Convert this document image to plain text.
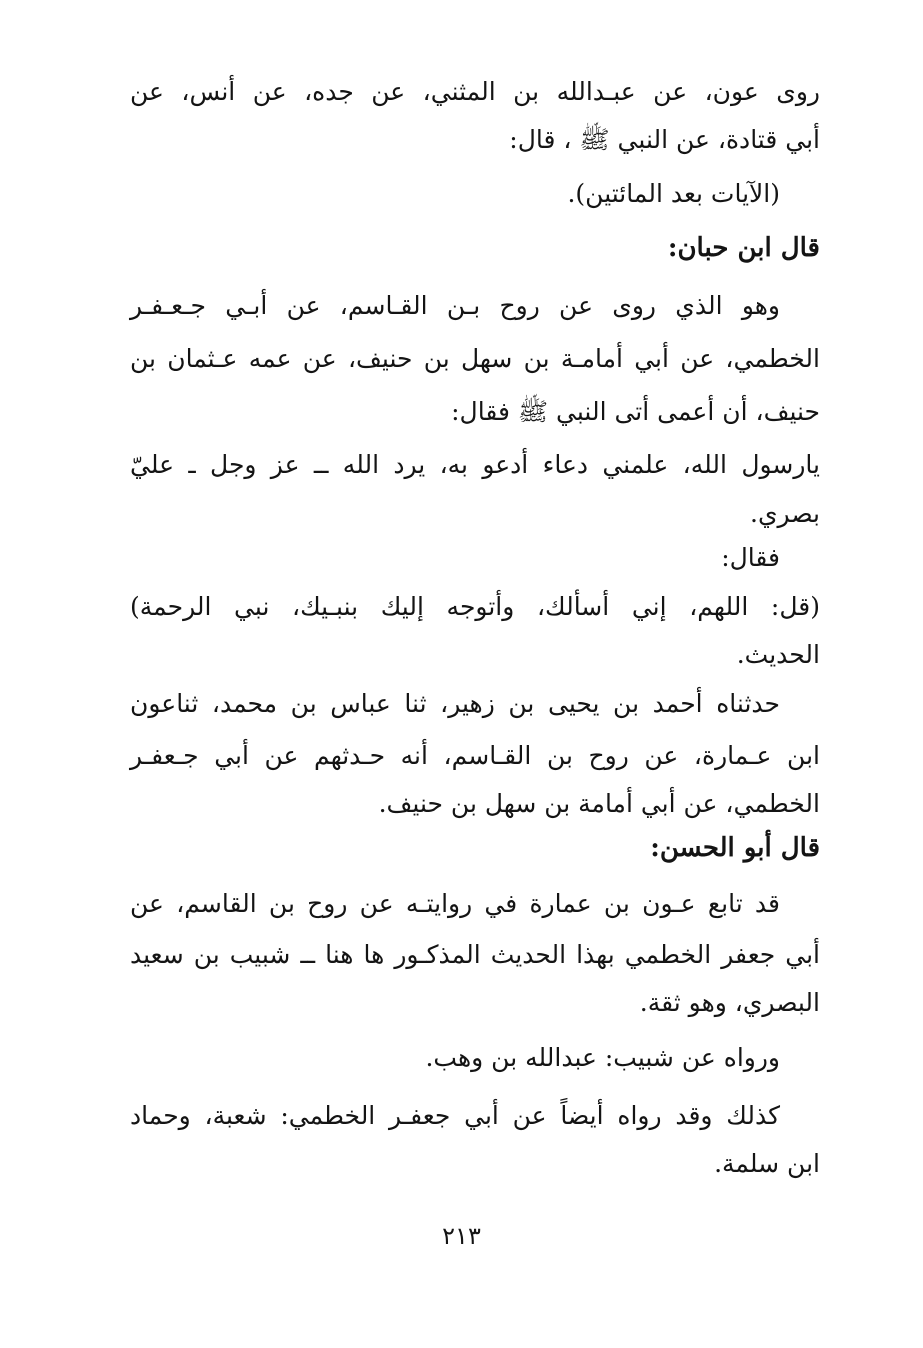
روى عون، عن عبـدالله بن المثني، عن جده، عن أنس، عن
أبي قتادة، عن النبي ﷺ ، قال:
(الآيات بعد المائتين).
قال ابن حبان:
وهو الذي روى عن روح بـن القـاسم، عن أبـي جـعـفـر
الخطمي، عن أبي أمامـة بن سهل بن حنيف، عن عمه عـثمان بن
حنيف، أن أعمى أتى النبي ﷺ فقال:
يارسول الله، علمني دعاء أدعو به، يرد الله ــ عز وجل ـ عليّ
بصري.
فقال:
(قل: اللهم، إني أسألك، وأتوجه إليك بنبـيك، نبي الرحمة)
الحديث.
حدثناه أحمد بن يحيى بن زهير، ثنا عباس بن محمد، ثناعون
ابن عـمارة، عن روح بن القـاسم، أنه حـدثهم عن أبي جـعفـر
الخطمي، عن أبي أمامة بن سهل بن حنيف.
قال أبو الحسن:
قد تابع عـون بن عمارة في روايتـه عن روح بن القاسم، عن
أبي جعفر الخطمي بهذا الحديث المذكـور ها هنا ــ شبيب بن سعيد
البصري، وهو ثقة.
ورواه عن شبيب: عبدالله بن وهب.
كذلك وقد رواه أيضاً عن أبي جعفـر الخطمي: شعبة، وحماد
ابن سلمة.
٢١٣
